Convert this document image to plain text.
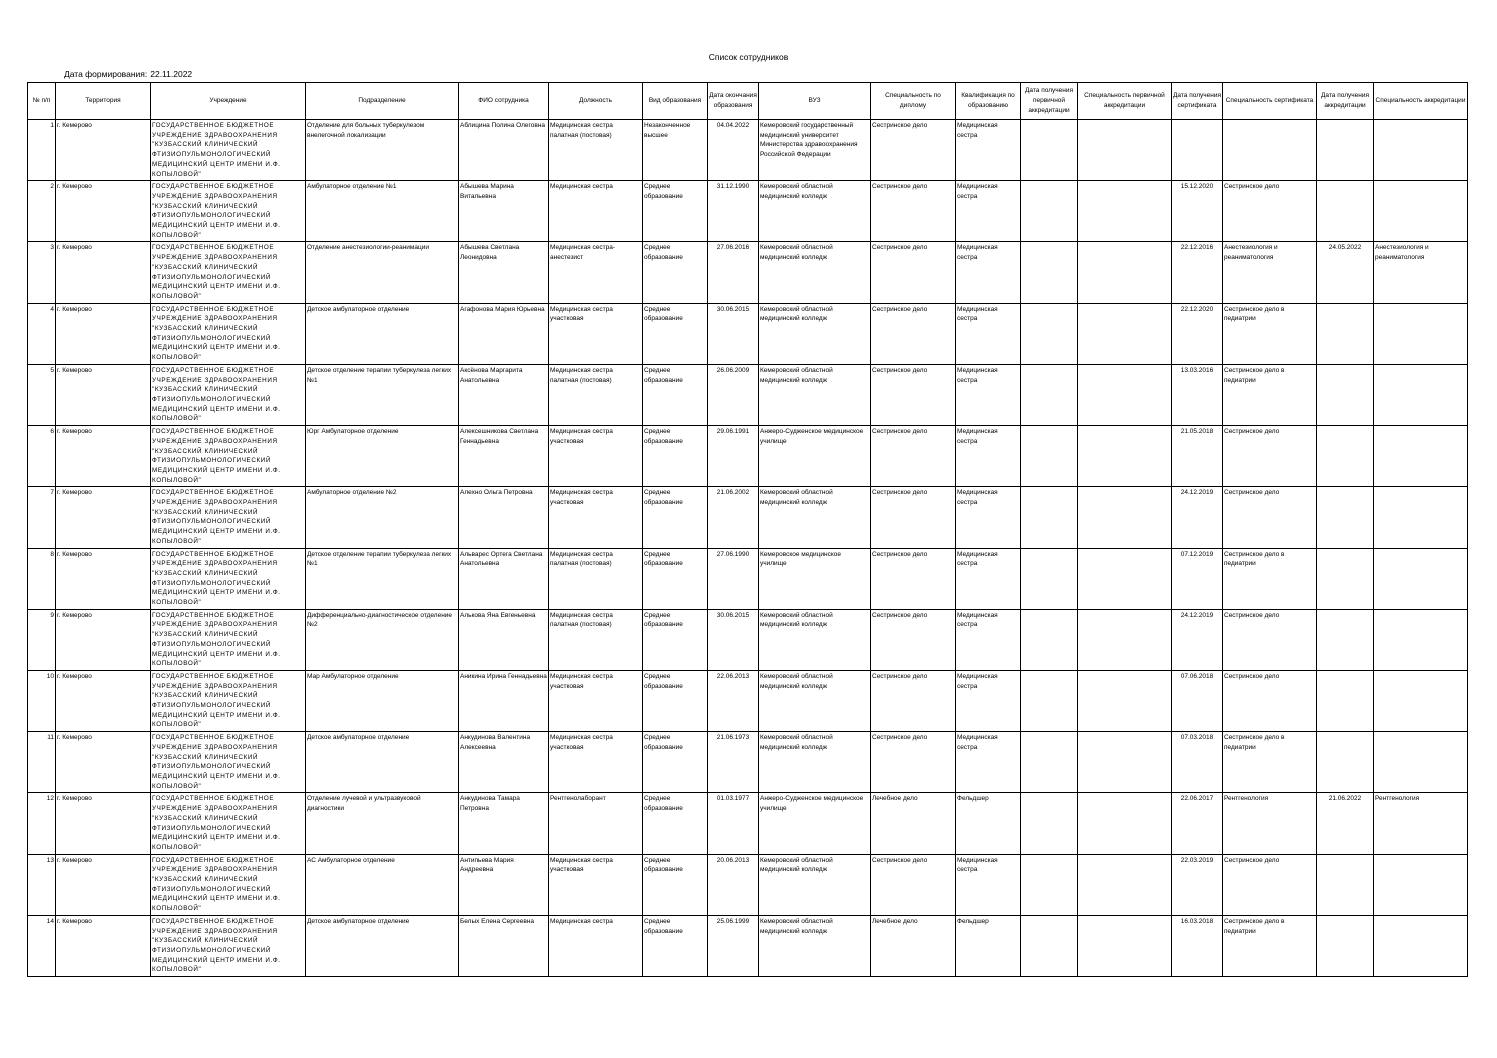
Список сотрудников
Дата формирования: 22.11.2022
№ п/п	Территория	Учреждение	Подразделение	ФИО сотрудника	Должность	Вид образования	Дата окончания образования	ВУЗ	Специальность по диплому	Квалификация по образованию	Дата получения первичной аккредитации	Специальность первичной аккредитации	Дата получения сертификата	Специальность сертификата	Дата получения аккредитации	Специальность аккредитации
1	г. Кемерово	ГОСУДАРСТВЕННОЕ БЮДЖЕТНОЕ УЧРЕЖДЕНИЕ ЗДРАВООХРАНЕНИЯ "КУЗБАССКИЙ КЛИНИЧЕСКИЙ ФТИЗИОПУЛЬМОНОЛОГИЧЕСКИЙ МЕДИЦИНСКИЙ ЦЕНТР ИМЕНИ И.Ф. КОПЫЛОВОЙ"	Отделение для больных туберкулезом внелегочной локализации	Аблицина Полина Олеговна	Медицинская сестра палатная (постовая)	Незаконченное высшее	04.04.2022	Кемеровский государственный медицинский университет Министерства здравоохранения Российской Федерации	Сестринское дело	Медицинская сестра						
2	г. Кемерово	ГОСУДАРСТВЕННОЕ БЮДЖЕТНОЕ УЧРЕЖДЕНИЕ ЗДРАВООХРАНЕНИЯ "КУЗБАССКИЙ КЛИНИЧЕСКИЙ ФТИЗИОПУЛЬМОНОЛОГИЧЕСКИЙ МЕДИЦИНСКИЙ ЦЕНТР ИМЕНИ И.Ф. КОПЫЛОВОЙ"	Амбулаторное отделение №1	Абышева Марина Витальевна	Медицинская сестра	Среднее образование	31.12.1990	Кемеровский областной медицинский колледж	Сестринское дело	Медицинская сестра			15.12.2020	Сестринское дело		
3	г. Кемерово	ГОСУДАРСТВЕННОЕ БЮДЖЕТНОЕ УЧРЕЖДЕНИЕ ЗДРАВООХРАНЕНИЯ "КУЗБАССКИЙ КЛИНИЧЕСКИЙ ФТИЗИОПУЛЬМОНОЛОГИЧЕСКИЙ МЕДИЦИНСКИЙ ЦЕНТР ИМЕНИ И.Ф. КОПЫЛОВОЙ"	Отделение анестезиологии-реанимации	Абышева Светлана Леонидовна	Медицинская сестра-анестезист	Среднее образование	27.06.2016	Кемеровский областной медицинский колледж	Сестринское дело	Медицинская сестра			22.12.2016	Анестезиология и реаниматология	24.05.2022	Анестезиология и реаниматология
4	г. Кемерово	ГОСУДАРСТВЕННОЕ БЮДЖЕТНОЕ УЧРЕЖДЕНИЕ ЗДРАВООХРАНЕНИЯ "КУЗБАССКИЙ КЛИНИЧЕСКИЙ ФТИЗИОПУЛЬМОНОЛОГИЧЕСКИЙ МЕДИЦИНСКИЙ ЦЕНТР ИМЕНИ И.Ф. КОПЫЛОВОЙ"	Детское амбулаторное отделение	Агафонова Мария Юрьевна	Медицинская сестра участковая	Среднее образование	30.06.2015	Кемеровский областной медицинский колледж	Сестринское дело	Медицинская сестра			22.12.2020	Сестринское дело в педиатрии		
5	г. Кемерово	ГОСУДАРСТВЕННОЕ БЮДЖЕТНОЕ УЧРЕЖДЕНИЕ ЗДРАВООХРАНЕНИЯ "КУЗБАССКИЙ КЛИНИЧЕСКИЙ ФТИЗИОПУЛЬМОНОЛОГИЧЕСКИЙ МЕДИЦИНСКИЙ ЦЕНТР ИМЕНИ И.Ф. КОПЫЛОВОЙ"	Детское отделение терапии туберкулеза легких №1	Аксёнова Маргарита Анатольевна	Медицинская сестра палатная (постовая)	Среднее образование	26.06.2009	Кемеровский областной медицинский колледж	Сестринское дело	Медицинская сестра			13.03.2016	Сестринское дело в педиатрии		
6	г. Кемерово	ГОСУДАРСТВЕННОЕ БЮДЖЕТНОЕ УЧРЕЖДЕНИЕ ЗДРАВООХРАНЕНИЯ "КУЗБАССКИЙ КЛИНИЧЕСКИЙ ФТИЗИОПУЛЬМОНОЛОГИЧЕСКИЙ МЕДИЦИНСКИЙ ЦЕНТР ИМЕНИ И.Ф. КОПЫЛОВОЙ"	Юрг Амбулаторное отделение	Алексешникова Светлана Геннадьевна	Медицинская сестра участковая	Среднее образование	29.06.1991	Анжеро-Судженское медицинское училище	Сестринское дело	Медицинская сестра			21.05.2018	Сестринское дело		
7	г. Кемерово	ГОСУДАРСТВЕННОЕ БЮДЖЕТНОЕ УЧРЕЖДЕНИЕ ЗДРАВООХРАНЕНИЯ "КУЗБАССКИЙ КЛИНИЧЕСКИЙ ФТИЗИОПУЛЬМОНОЛОГИЧЕСКИЙ МЕДИЦИНСКИЙ ЦЕНТР ИМЕНИ И.Ф. КОПЫЛОВОЙ"	Амбулаторное отделение №2	Алехно Ольга Петровна	Медицинская сестра участковая	Среднее образование	21.06.2002	Кемеровский областной медицинский колледж	Сестринское дело	Медицинская сестра			24.12.2019	Сестринское дело		
8	г. Кемерово	ГОСУДАРСТВЕННОЕ БЮДЖЕТНОЕ УЧРЕЖДЕНИЕ ЗДРАВООХРАНЕНИЯ "КУЗБАССКИЙ КЛИНИЧЕСКИЙ ФТИЗИОПУЛЬМОНОЛОГИЧЕСКИЙ МЕДИЦИНСКИЙ ЦЕНТР ИМЕНИ И.Ф. КОПЫЛОВОЙ"	Детское отделение терапии туберкулеза легких №1	Альварес Ортега Светлана Анатольевна	Медицинская сестра палатная (постовая)	Среднее образование	27.06.1990	Кемеровское медицинское училище	Сестринское дело	Медицинская сестра			07.12.2019	Сестринское дело в педиатрии		
9	г. Кемерово	ГОСУДАРСТВЕННОЕ БЮДЖЕТНОЕ УЧРЕЖДЕНИЕ ЗДРАВООХРАНЕНИЯ "КУЗБАССКИЙ КЛИНИЧЕСКИЙ ФТИЗИОПУЛЬМОНОЛОГИЧЕСКИЙ МЕДИЦИНСКИЙ ЦЕНТР ИМЕНИ И.Ф. КОПЫЛОВОЙ"	Дифференциально-диагностическое отделение №2	Алькова Яна Евгеньевна	Медицинская сестра палатная (постовая)	Среднее образование	30.06.2015	Кемеровский областной медицинский колледж	Сестринское дело	Медицинская сестра			24.12.2019	Сестринское дело		
10	г. Кемерово	ГОСУДАРСТВЕННОЕ БЮДЖЕТНОЕ УЧРЕЖДЕНИЕ ЗДРАВООХРАНЕНИЯ "КУЗБАССКИЙ КЛИНИЧЕСКИЙ ФТИЗИОПУЛЬМОНОЛОГИЧЕСКИЙ МЕДИЦИНСКИЙ ЦЕНТР ИМЕНИ И.Ф. КОПЫЛОВОЙ"	Мар Амбулаторное отделение	Аникина Ирина Геннадьевна	Медицинская сестра участковая	Среднее образование	22.06.2013	Кемеровский областной медицинский колледж	Сестринское дело	Медицинская сестра			07.06.2018	Сестринское дело		
11	г. Кемерово	ГОСУДАРСТВЕННОЕ БЮДЖЕТНОЕ УЧРЕЖДЕНИЕ ЗДРАВООХРАНЕНИЯ "КУЗБАССКИЙ КЛИНИЧЕСКИЙ ФТИЗИОПУЛЬМОНОЛОГИЧЕСКИЙ МЕДИЦИНСКИЙ ЦЕНТР ИМЕНИ И.Ф. КОПЫЛОВОЙ"	Детское амбулаторное отделение	Анкудинова Валентина Алексеевна	Медицинская сестра участковая	Среднее образование	21.06.1973	Кемеровский областной медицинский колледж	Сестринское дело	Медицинская сестра			07.03.2018	Сестринское дело в педиатрии		
12	г. Кемерово	ГОСУДАРСТВЕННОЕ БЮДЖЕТНОЕ УЧРЕЖДЕНИЕ ЗДРАВООХРАНЕНИЯ "КУЗБАССКИЙ КЛИНИЧЕСКИЙ ФТИЗИОПУЛЬМОНОЛОГИЧЕСКИЙ МЕДИЦИНСКИЙ ЦЕНТР ИМЕНИ И.Ф. КОПЫЛОВОЙ"	Отделение лучевой и ультразвуковой диагностики	Анкудинова Тамара Петровна	Рентгенолаборант	Среднее образование	01.03.1977	Анжеро-Судженское медицинское училище	Лечебное дело	Фельдшер			22.06.2017	Рентгенология	21.06.2022	Рентгенология
13	г. Кемерово	ГОСУДАРСТВЕННОЕ БЮДЖЕТНОЕ УЧРЕЖДЕНИЕ ЗДРАВООХРАНЕНИЯ "КУЗБАССКИЙ КЛИНИЧЕСКИЙ ФТИЗИОПУЛЬМОНОЛОГИЧЕСКИЙ МЕДИЦИНСКИЙ ЦЕНТР ИМЕНИ И.Ф. КОПЫЛОВОЙ"	АС Амбулаторное отделение	Антипьева Мария Андреевна	Медицинская сестра участковая	Среднее образование	20.06.2013	Кемеровский областной медицинский колледж	Сестринское дело	Медицинская сестра			22.03.2019	Сестринское дело		
14	г. Кемерово	ГОСУДАРСТВЕННОЕ БЮДЖЕТНОЕ УЧРЕЖДЕНИЕ ЗДРАВООХРАНЕНИЯ "КУЗБАССКИЙ КЛИНИЧЕСКИЙ ФТИЗИОПУЛЬМОНОЛОГИЧЕСКИЙ МЕДИЦИНСКИЙ ЦЕНТР ИМЕНИ И.Ф. КОПЫЛОВОЙ"	Детское амбулаторное отделение	Белых Елена Сергеевна	Медицинская сестра	Среднее образование	25.06.1999	Кемеровский областной медицинский колледж	Лечебное дело	Фельдшер			16.03.2018	Сестринское дело в педиатрии		
